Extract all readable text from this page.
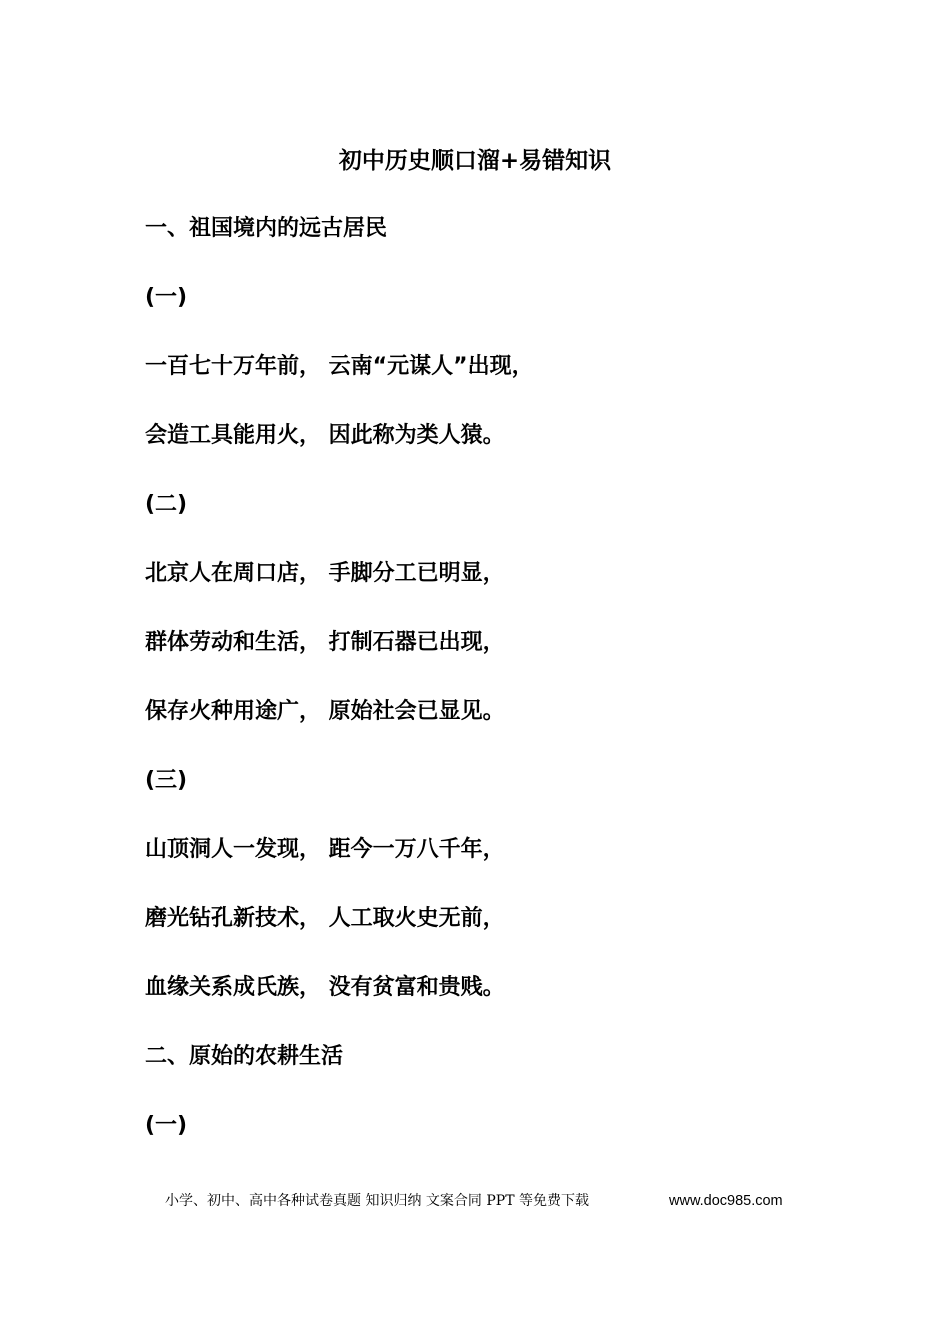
初中历史顺口溜+易错知识
一、祖国境内的远古居民
(一)
一百七十万年前， 云南“元谋人”出现，
会造工具能用火， 因此称为类人猿。
(二)
北京人在周口店， 手脚分工已明显，
群体劳动和生活， 打制石器已出现，
保存火种用途广， 原始社会已显见。
(三)
山顶洞人一发现， 距今一万八千年，
磨光钻孔新技术， 人工取火史无前，
血缘关系成氏族， 没有贫富和贵贱。
二、原始的农耕生活
(一)
小学、初中、高中各种试卷真题 知识归纳 文案合同 PPT 等免费下载	www.doc985.com
